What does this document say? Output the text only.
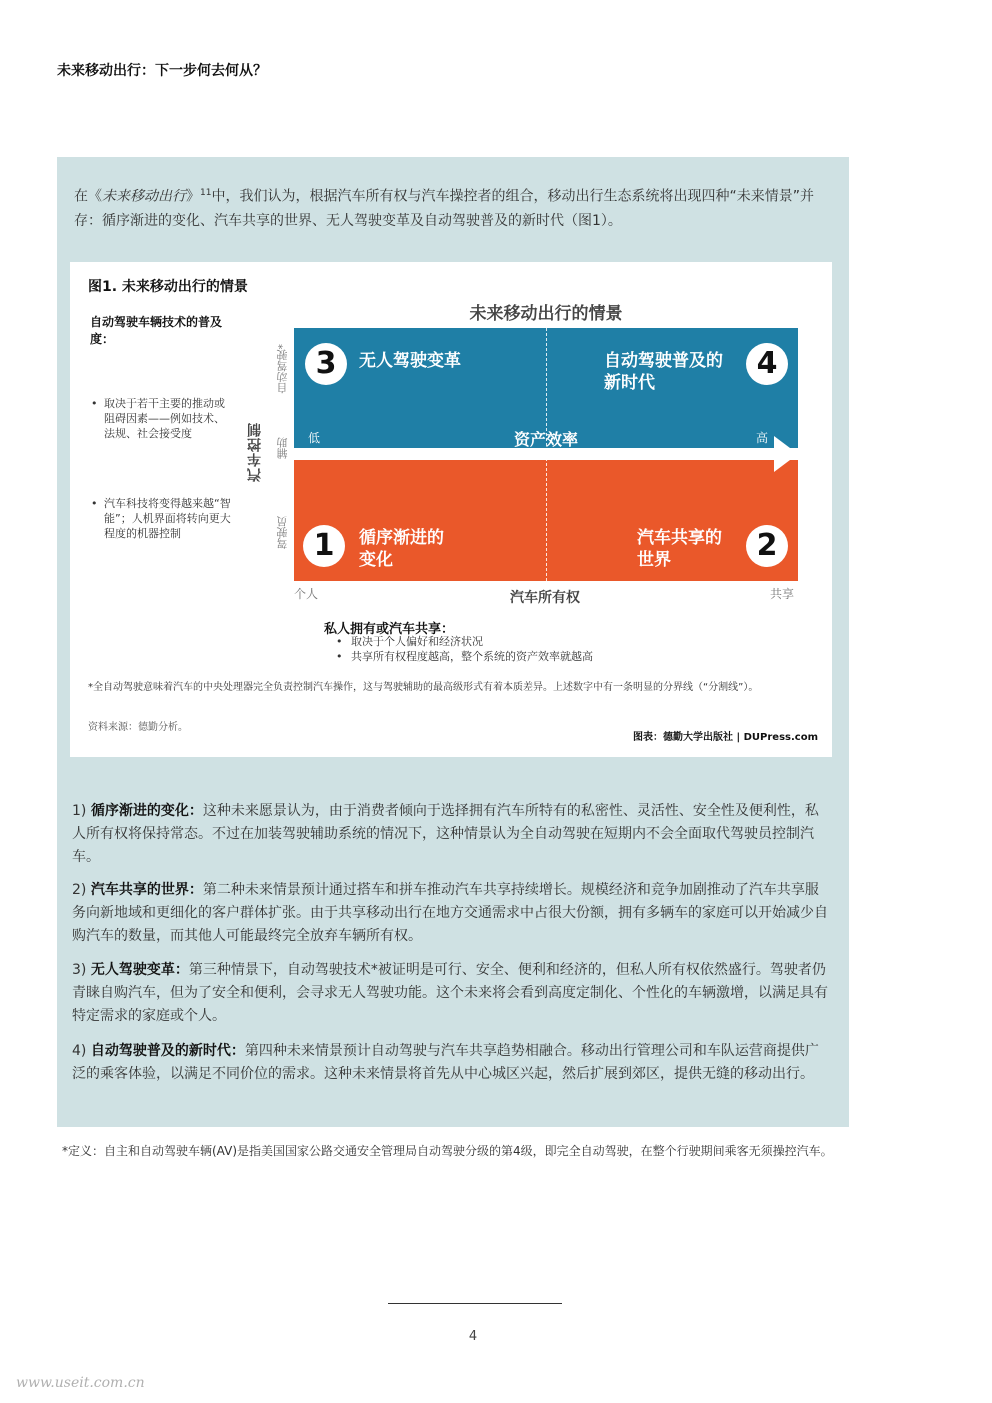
未来移动出行：下一步何去何从？
在《未来移动出行》$^{11}$中，我们认为，根据汽车所有权与汽车操控者的组合，移动出行生态系统将出现四种“未来情景”并存：循序渐进的变化、汽车共享的世界、无人驾驶变革及自动驾驶普及的新时代（图1）。
图1. 未来移动出行的情景
未来移动出行的情景
自动驾驶车辆技术的普及度：
• 取决于若干主要的推动或阻碍因素——例如技术、法规、社会接受度
• 汽车科技将变得越来越“智能”；人机界面将转向更大程度的机器控制
汽车控制
自动驾驶*
辅助
驾驶员
3	无人驾驶变革	4
自动驾驶普及的新时代
1	循序渐进的变化	2
汽车共享的世界
低	资产效率	高
个人	汽车所有权	共享
私人拥有或汽车共享：
• 取决于个人偏好和经济状况
• 共享所有权程度越高，整个系统的资产效率就越高
*全自动驾驶意味着汽车的中央处理器完全负责控制汽车操作，这与驾驶辅助的最高级形式有着本质差异。上述数字中有一条明显的分界线（“分割线”）。
资料来源：德勤分析。
图表：德勤大学出版社 | DUPress.com
1) 循序渐进的变化：这种未来愿景认为，由于消费者倾向于选择拥有汽车所特有的私密性、灵活性、安全性及便利性，私人所有权将保持常态。不过在加装驾驶辅助系统的情况下，这种情景认为全自动驾驶在短期内不会全面取代驾驶员控制汽车。
2) 汽车共享的世界：第二种未来情景预计通过搭车和拼车推动汽车共享持续增长。规模经济和竞争加剧推动了汽车共享服务向新地域和更细化的客户群体扩张。由于共享移动出行在地方交通需求中占很大份额，拥有多辆车的家庭可以开始减少自购汽车的数量，而其他人可能最终完全放弃车辆所有权。
3) 无人驾驶变革：第三种情景下，自动驾驶技术*被证明是可行、安全、便利和经济的，但私人所有权依然盛行。驾驶者仍青睐自购汽车，但为了安全和便利，会寻求无人驾驶功能。这个未来将会看到高度定制化、个性化的车辆激增，以满足具有特定需求的家庭或个人。
4) 自动驾驶普及的新时代：第四种未来情景预计自动驾驶与汽车共享趋势相融合。移动出行管理公司和车队运营商提供广泛的乘客体验，以满足不同价位的需求。这种未来情景将首先从中心城区兴起，然后扩展到郊区，提供无缝的移动出行。
*定义：自主和自动驾驶车辆(AV)是指美国国家公路交通安全管理局自动驾驶分级的第4级，即完全自动驾驶，在整个行驶期间乘客无须操控汽车。
4
www.useit.com.cn
